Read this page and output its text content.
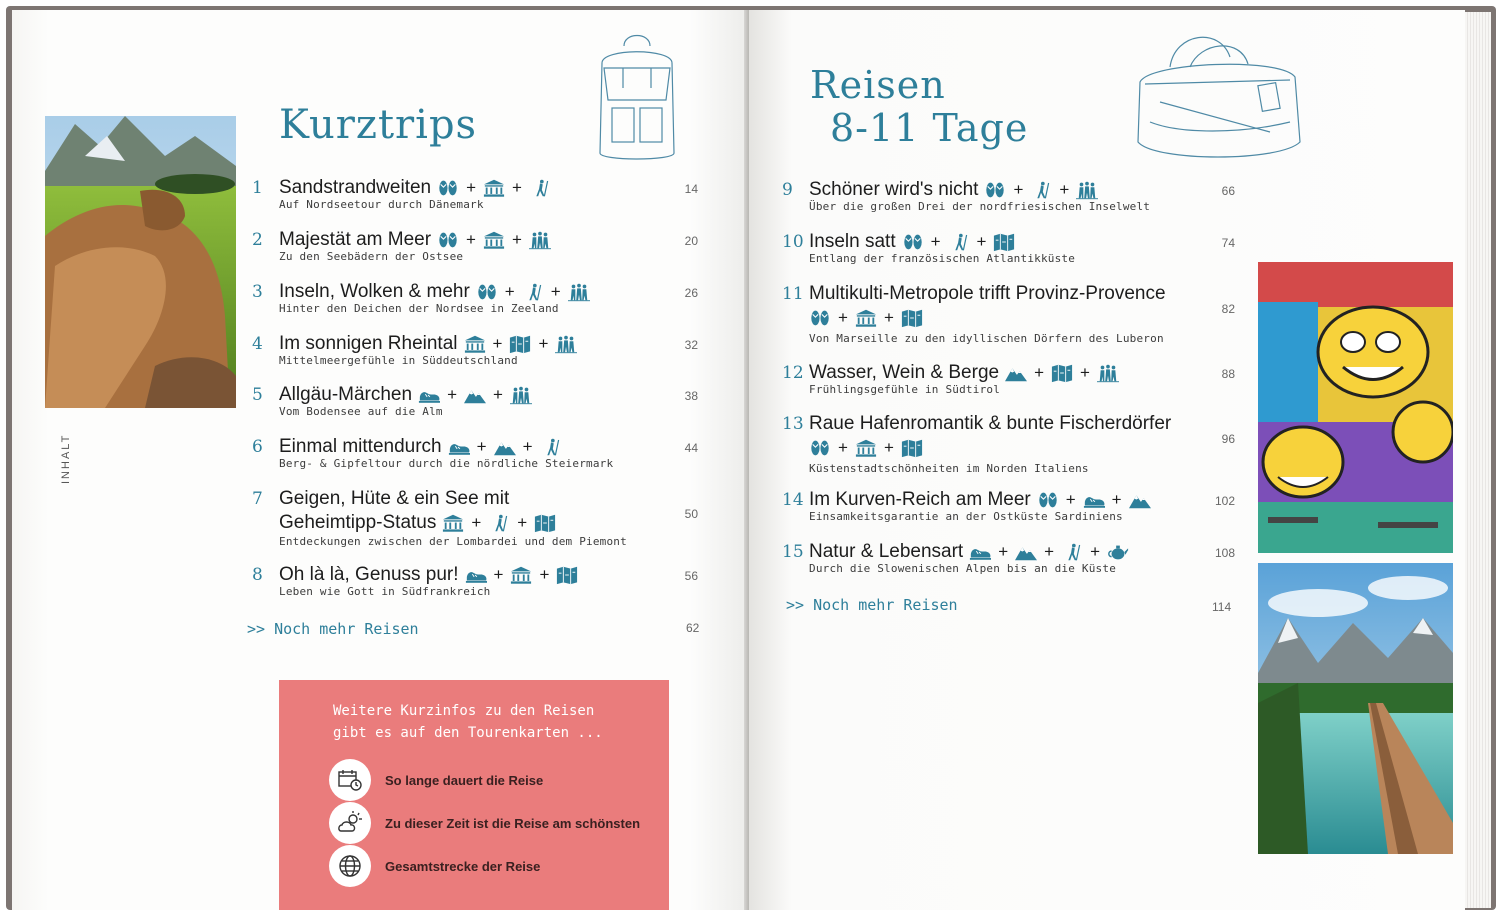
INHALT
Kurztrips
1 Sandstrandweiten + +
Auf Nordseetour durch Dänemark
14
2 Majestät am Meer + +
Zu den Seebädern der Ostsee
20
3 Inseln, Wolken & mehr + +
Hinter den Deichen der Nordsee in Zeeland
26
4 Im sonnigen Rheintal + +
Mittelmeergefühle in Süddeutschland
32
5 Allgäu-Märchen + +
Vom Bodensee auf die Alm
38
6 Einmal mittendurch + +
Berg- & Gipfeltour durch die nördliche Steiermark
44
7 Geigen, Hüte & ein See mit
Geheimtipp-Status + +
Entdeckungen zwischen der Lombardei und dem Piemont
50
8 Oh là là, Genuss pur! + +
Leben wie Gott in Südfrankreich
56
>> Noch mehr Reisen	62
Weitere Kurzinfos zu den Reisen
gibt es auf den Tourenkarten ...
So lange dauert die Reise
Zu dieser Zeit ist die Reise am schönsten
Gesamtstrecke der Reise
Reisen
8-11 Tage
9 Schöner wird's nicht + +
Über die großen Drei der nordfriesischen Inselwelt
66
10 Inseln satt + +
Entlang der französischen Atlantikküste
74
11 Multikulti-Metropole trifft Provinz-Provence

+ +
Von Marseille zu den idyllischen Dörfern des Luberon
82
12 Wasser, Wein & Berge + +
Frühlingsgefühle in Südtirol
88
13 Raue Hafenromantik & bunte Fischerdörfer

+ +
Küstenstadtschönheiten im Norden Italiens
96
14 Im Kurven-Reich am Meer + +
Einsamkeitsgarantie an der Ostküste Sardiniens
102
15 Natur & Lebensart + + +
Durch die Slowenischen Alpen bis an die Küste
108
>> Noch mehr Reisen	114
